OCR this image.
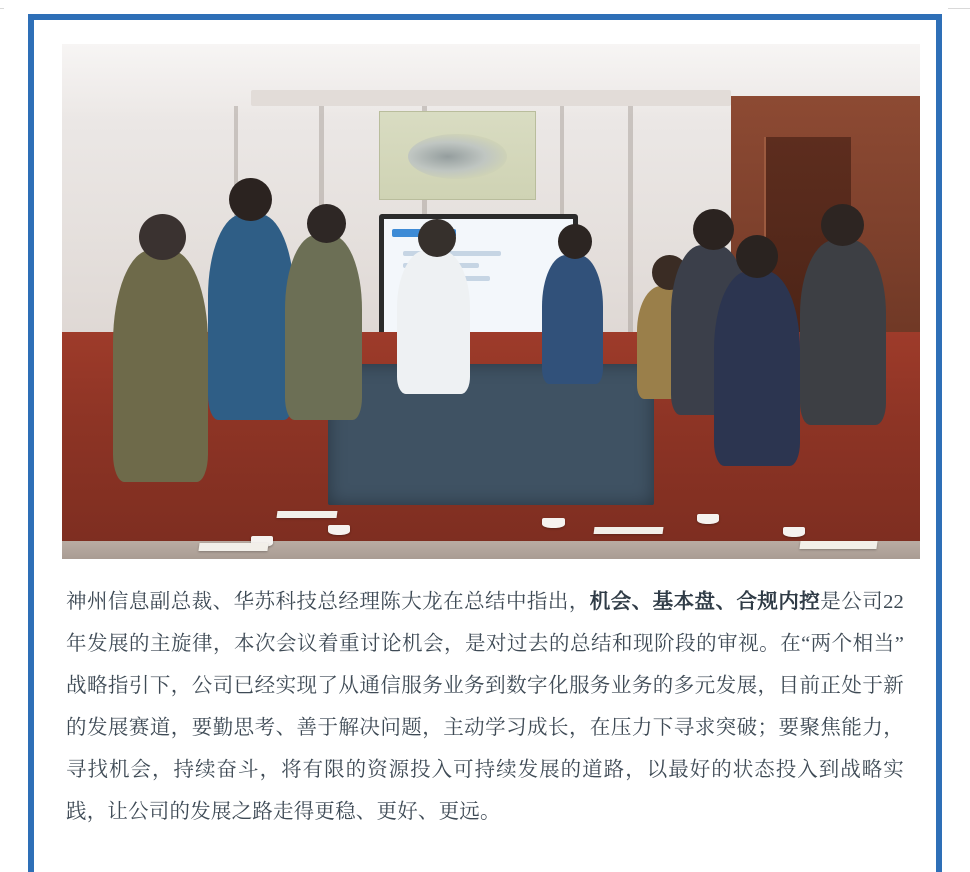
神州信息副总裁、华苏科技总经理陈大龙在总结中指出，机会、基本盘、合规内控是公司22年发展的主旋律，本次会议着重讨论机会，是对过去的总结和现阶段的审视。在“两个相当”战略指引下，公司已经实现了从通信服务业务到数字化服务业务的多元发展，目前正处于新的发展赛道，要勤思考、善于解决问题，主动学习成长，在压力下寻求突破；要聚焦能力，寻找机会，持续奋斗，将有限的资源投入可持续发展的道路，以最好的状态投入到战略实践，让公司的发展之路走得更稳、更好、更远。
